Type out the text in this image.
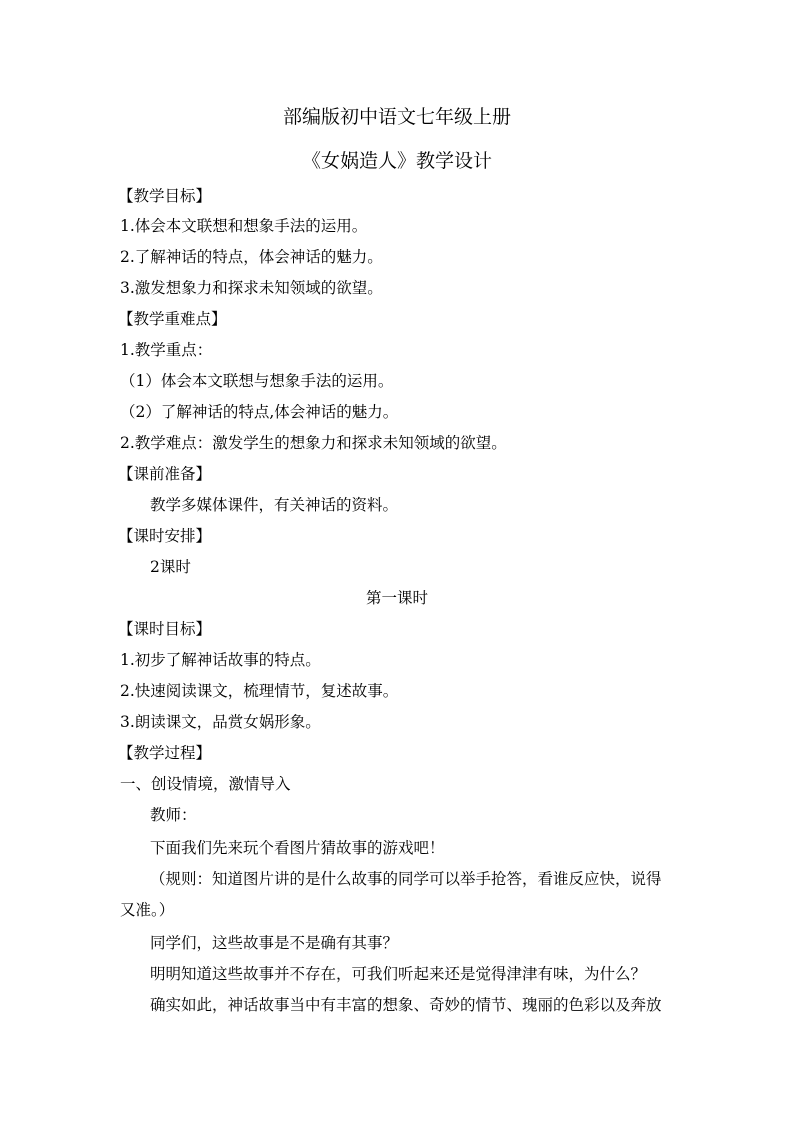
部编版初中语文七年级上册
《女娲造人》教学设计
【教学目标】
1.体会本文联想和想象手法的运用。
2.了解神话的特点，体会神话的魅力。
3.激发想象力和探求未知领域的欲望。
【教学重难点】
1.教学重点：
（1）体会本文联想与想象手法的运用。
（2）了解神话的特点,体会神话的魅力。
2.教学难点：激发学生的想象力和探求未知领域的欲望。
【课前准备】
教学多媒体课件，有关神话的资料。
【课时安排】
2课时
第一课时
【课时目标】
1.初步了解神话故事的特点。
2.快速阅读课文，梳理情节，复述故事。
3.朗读课文，品赏女娲形象。
【教学过程】
一、创设情境，激情导入
教师：
下面我们先来玩个看图片猜故事的游戏吧！
（规则：知道图片讲的是什么故事的同学可以举手抢答，看谁反应快，说得
又准。）
同学们，这些故事是不是确有其事？
明明知道这些故事并不存在，可我们听起来还是觉得津津有味，为什么？
确实如此，神话故事当中有丰富的想象、奇妙的情节、瑰丽的色彩以及奔放
